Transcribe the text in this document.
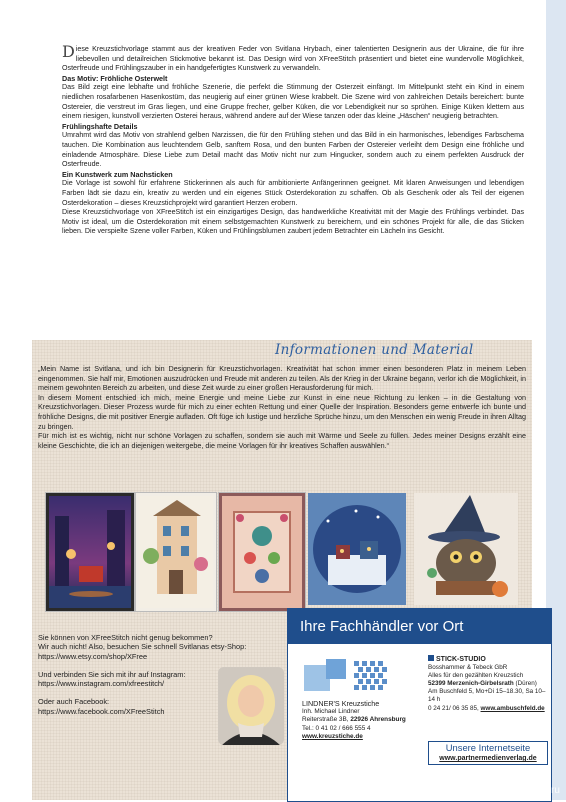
Diese Kreuzstichvorlage stammt aus der kreativen Feder von Svitlana Hrybach, einer talentierten Designerin aus der Ukraine, die für ihre liebevollen und detailreichen Stickmotive bekannt ist. Das Design wird von XFreeStitch präsentiert und bietet eine wundervolle Möglichkeit, Osterfreude und Frühlingszauber in ein handgefertigtes Kunstwerk zu verwandeln.

Das Motiv: Fröhliche Osterwelt

Das Bild zeigt eine lebhafte und fröhliche Szenerie, die perfekt die Stimmung der Osterzeit einfängt. Im Mittelpunkt steht ein Kind in einem niedlichen rosafarbenen Hasenkostüm, das neugierig auf einer grünen Wiese krabbelt. Die Szene wird von zahlreichen Details bereichert: bunte Ostereier, die verstreut im Gras liegen, und eine Gruppe frecher, gelber Küken, die vor Lebendigkeit nur so sprühen. Einige Küken klettern aus einem riesigen, kunstvoll verzierten Osterei heraus, während andere auf der Wiese tanzen oder das kleine „Häschen“ neugierig betrachten.

Frühlingshafte Details

Umrahmt wird das Motiv von strahlend gelben Narzissen, die für den Frühling stehen und das Bild in ein harmonisches, lebendiges Farbschema tauchen. Die Kombination aus leuchtendem Gelb, sanftem Rosa, und den bunten Farben der Ostereier verleiht dem Design eine fröhliche und einladende Atmosphäre. Diese Liebe zum Detail macht das Motiv nicht nur zum Hingucker, sondern auch zu einem perfekten Ausdruck der Osterfreude.

Ein Kunstwerk zum Nachsticken

Die Vorlage ist sowohl für erfahrene Stickerinnen als auch für ambitionierte Anfängerinnen geeignet. Mit klaren Anweisungen und lebendigen Farben lädt sie dazu ein, kreativ zu werden und ein eigenes Stück Osterdekoration zu schaffen. Ob als Geschenk oder als Teil der eigenen Osterdekoration – dieses Kreuzstichprojekt wird garantiert Herzen erobern.

Diese Kreuzstichvorlage von XFreeStitch ist ein einzigartiges Design, das handwerkliche Kreativität mit der Magie des Frühlings verbindet. Das Motiv ist ideal, um die Osterdekoration mit einem selbstgemachten Kunstwerk zu bereichern, und ein schönes Projekt für alle, die das Sticken lieben. Die verspielte Szene voller Farben, Küken und Frühlingsblumen zaubert jedem Betrachter ein Lächeln ins Gesicht.

Informationen und Material

„Mein Name ist Svitlana, und ich bin Designerin für Kreuzstichvorlagen. Kreativität hat schon immer einen besonderen Platz in meinem Leben eingenommen. Sie half mir, Emotionen auszudrücken und Freude mit anderen zu teilen. Als der Krieg in der Ukraine begann, verlor ich die Möglichkeit, in meinem gewohnten Bereich zu arbeiten, und diese Zeit wurde zu einer großen Herausforderung für mich.

In diesem Moment entschied ich mich, meine Energie und meine Liebe zur Kunst in eine neue Richtung zu lenken – in die Gestaltung von Kreuzstichvorlagen. Dieser Prozess wurde für mich zu einer echten Rettung und einer Quelle der Inspiration. Besonders gerne entwerfe ich bunte und fröhliche Designs, die mit positiver Energie aufladen. Oft füge ich lustige und herzliche Sprüche hinzu, um den Menschen ein wenig Freude in ihren Alltag zu bringen.

Für mich ist es wichtig, nicht nur schöne Vorlagen zu schaffen, sondern sie auch mit Wärme und Seele zu füllen. Jedes meiner Designs erzählt eine kleine Geschichte, die ich an diejenigen weitergebe, die meine Vorlagen für ihr kreatives Schaffen auswählen.“

Sie können von XFreeStitch nicht genug bekommen?
Wir auch nicht! Also, besuchen Sie schnell Svitlanas etsy-Shop:
https://www.etsy.com/shop/XFree
Und verbinden Sie sich mit ihr auf Instagram:
https://www.instagram.com/xfreestitch/
Oder auch Facebook:
https://www.facebook.com/XFreeStitch
Ihre Fachhändler vor Ort
LINDNER'S Kreuzstiche
Inh. Michael Lindner
Reiterstraße 3B, 22926 Ahrensburg
Tel.: 0 41 02 / 666 555 4
www.kreuzstiche.de
STICK-STUDIO
Bosshammer & Tebeck GbR
Alles für den gezählten Kreuzstich
52399 Merzenich-Girbelsrath (Düren)
Am Buschfeld 5, Mo+Di 15–18.30, Sa 10–14 h
0 24 21/ 06 35 85, www.ambuschfeld.de
Unsere Internetseite
www.partnermedienverlag.de
PassionForum.ru
